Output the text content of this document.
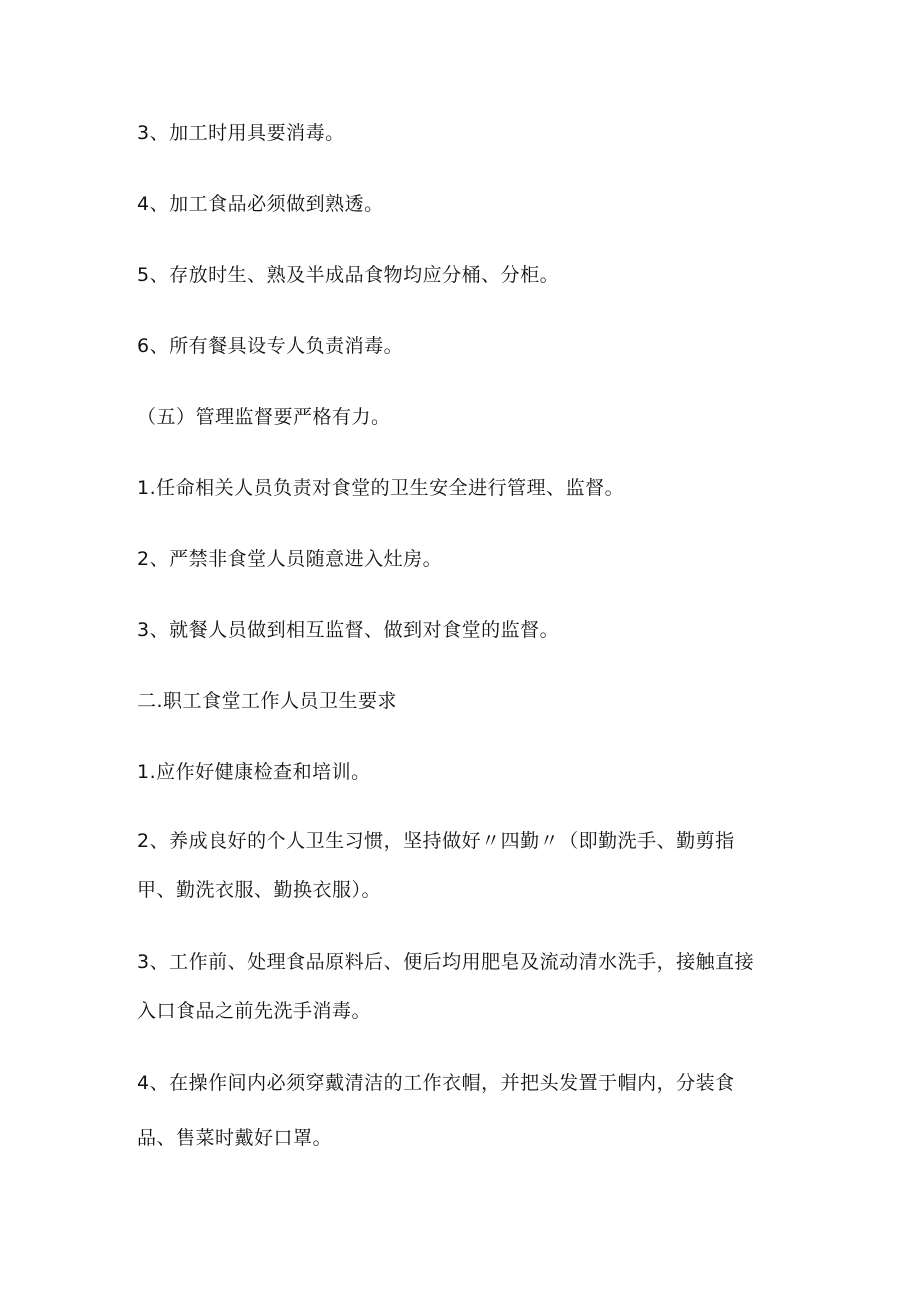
3、加工时用具要消毒。
4、加工食品必须做到熟透。
5、存放时生、熟及半成品食物均应分桶、分柜。
6、所有餐具设专人负责消毒。
（五）管理监督要严格有力。
1.任命相关人员负责对食堂的卫生安全进行管理、监督。
2、严禁非食堂人员随意进入灶房。
3、就餐人员做到相互监督、做到对食堂的监督。
二.职工食堂工作人员卫生要求
1.应作好健康检查和培训。
2、养成良好的个人卫生习惯，坚持做好〃四勤〃（即勤洗手、勤剪指
甲、勤洗衣服、勤换衣服）。
3、工作前、处理食品原料后、便后均用肥皂及流动清水洗手，接触直接
入口食品之前先洗手消毒。
4、在操作间内必须穿戴清洁的工作衣帽，并把头发置于帽内，分装食
品、售菜时戴好口罩。
